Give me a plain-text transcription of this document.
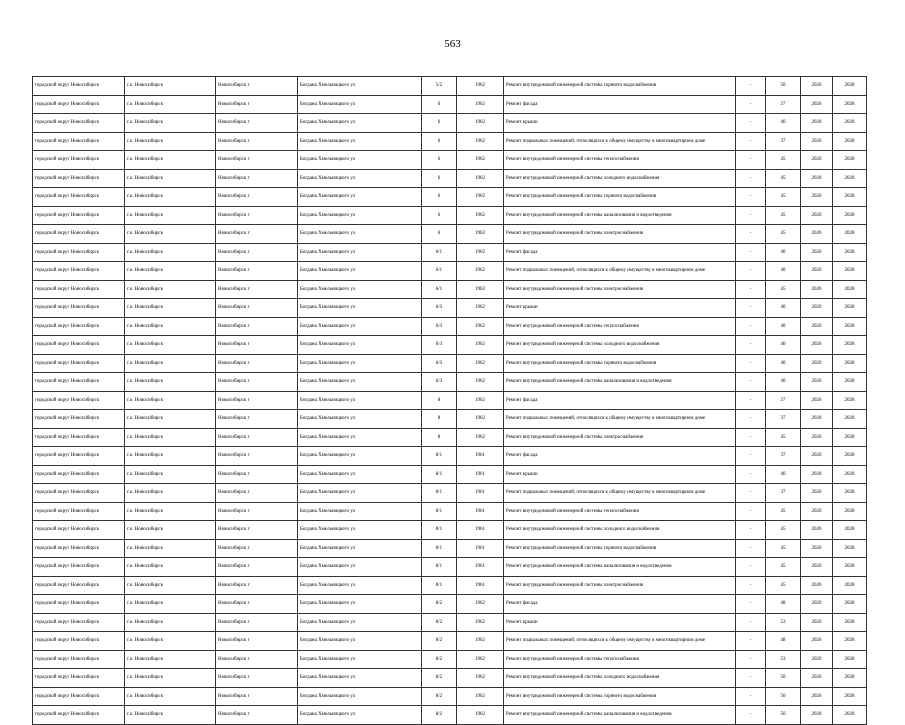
563
городской округ Новосибирск	г.о. Новосибирск	Новосибирск г	Богдана Хмельницкого ул	5/2	1962	Ремонт внутридомовой инженерной системы горячего водоснабжения	-	50	2026	2028
городской округ Новосибирск	г.о. Новосибирск	Новосибирск г	Богдана Хмельницкого ул	6	1962	Ремонт фасада	-	37	2026	2028
городской округ Новосибирск	г.о. Новосибирск	Новосибирск г	Богдана Хмельницкого ул	6	1962	Ремонт крыши	-	40	2026	2028
городской округ Новосибирск	г.о. Новосибирск	Новосибирск г	Богдана Хмельницкого ул	6	1962	Ремонт подвальных помещений, относящихся к общему имуществу в многоквартирном доме	-	37	2026	2028
городской округ Новосибирск	г.о. Новосибирск	Новосибирск г	Богдана Хмельницкого ул	6	1962	Ремонт внутридомовой инженерной системы теплоснабжения	-	45	2026	2028
городской округ Новосибирск	г.о. Новосибирск	Новосибирск г	Богдана Хмельницкого ул	6	1962	Ремонт внутридомовой инженерной системы холодного водоснабжения	-	45	2026	2028
городской округ Новосибирск	г.о. Новосибирск	Новосибирск г	Богдана Хмельницкого ул	6	1962	Ремонт внутридомовой инженерной системы горячего водоснабжения	-	45	2026	2028
городской округ Новосибирск	г.о. Новосибирск	Новосибирск г	Богдана Хмельницкого ул	6	1962	Ремонт внутридомовой инженерной системы канализования и водоотведения	-	45	2026	2028
городской округ Новосибирск	г.о. Новосибирск	Новосибирск г	Богдана Хмельницкого ул	6	1962	Ремонт внутридомовой инженерной системы электроснабжения	-	45	2026	2028
городской округ Новосибирск	г.о. Новосибирск	Новосибирск г	Богдана Хмельницкого ул	6/1	1962	Ремонт фасада	-	40	2026	2028
городской округ Новосибирск	г.о. Новосибирск	Новосибирск г	Богдана Хмельницкого ул	6/1	1962	Ремонт подвальных помещений, относящихся к общему имуществу в многоквартирном доме	-	40	2026	2028
городской округ Новосибирск	г.о. Новосибирск	Новосибирск г	Богдана Хмельницкого ул	6/1	1962	Ремонт внутридомовой инженерной системы электроснабжения	-	45	2026	2028
городской округ Новосибирск	г.о. Новосибирск	Новосибирск г	Богдана Хмельницкого ул	6/3	1962	Ремонт крыши	-	40	2026	2028
городской округ Новосибирск	г.о. Новосибирск	Новосибирск г	Богдана Хмельницкого ул	6/3	1962	Ремонт внутридомовой инженерной системы теплоснабжения	-	40	2026	2028
городской округ Новосибирск	г.о. Новосибирск	Новосибирск г	Богдана Хмельницкого ул	6/3	1962	Ремонт внутридомовой инженерной системы холодного водоснабжения	-	40	2026	2028
городской округ Новосибирск	г.о. Новосибирск	Новосибирск г	Богдана Хмельницкого ул	6/3	1962	Ремонт внутридомовой инженерной системы горячего водоснабжения	-	40	2026	2028
городской округ Новосибирск	г.о. Новосибирск	Новосибирск г	Богдана Хмельницкого ул	6/3	1962	Ремонт внутридомовой инженерной системы канализования и водоотведения	-	40	2026	2028
городской округ Новосибирск	г.о. Новосибирск	Новосибирск г	Богдана Хмельницкого ул	8	1962	Ремонт фасада	-	37	2026	2028
городской округ Новосибирск	г.о. Новосибирск	Новосибирск г	Богдана Хмельницкого ул	8	1962	Ремонт подвальных помещений, относящихся к общему имуществу в многоквартирном доме	-	37	2026	2028
городской округ Новосибирск	г.о. Новосибирск	Новосибирск г	Богдана Хмельницкого ул	8	1962	Ремонт внутридомовой инженерной системы электроснабжения	-	45	2026	2028
городской округ Новосибирск	г.о. Новосибирск	Новосибирск г	Богдана Хмельницкого ул	8/1	1961	Ремонт фасада	-	37	2026	2028
городской округ Новосибирск	г.о. Новосибирск	Новосибирск г	Богдана Хмельницкого ул	8/1	1961	Ремонт крыши	-	40	2026	2028
городской округ Новосибирск	г.о. Новосибирск	Новосибирск г	Богдана Хмельницкого ул	8/1	1961	Ремонт подвальных помещений, относящихся к общему имуществу в многоквартирном доме	-	37	2026	2028
городской округ Новосибирск	г.о. Новосибирск	Новосибирск г	Богдана Хмельницкого ул	8/1	1961	Ремонт внутридомовой инженерной системы теплоснабжения	-	45	2026	2028
городской округ Новосибирск	г.о. Новосибирск	Новосибирск г	Богдана Хмельницкого ул	8/1	1961	Ремонт внутридомовой инженерной системы холодного водоснабжения	-	45	2026	2028
городской округ Новосибирск	г.о. Новосибирск	Новосибирск г	Богдана Хмельницкого ул	8/1	1961	Ремонт внутридомовой инженерной системы горячего водоснабжения	-	45	2026	2028
городской округ Новосибирск	г.о. Новосибирск	Новосибирск г	Богдана Хмельницкого ул	8/1	1961	Ремонт внутридомовой инженерной системы канализования и водоотведения	-	45	2026	2028
городской округ Новосибирск	г.о. Новосибирск	Новосибирск г	Богдана Хмельницкого ул	8/1	1961	Ремонт внутридомовой инженерной системы электроснабжения	-	45	2026	2028
городской округ Новосибирск	г.о. Новосибирск	Новосибирск г	Богдана Хмельницкого ул	8/2	1962	Ремонт фасада	-	48	2026	2028
городской округ Новосибирск	г.о. Новосибирск	Новосибирск г	Богдана Хмельницкого ул	8/2	1962	Ремонт крыши	-	53	2026	2028
городской округ Новосибирск	г.о. Новосибирск	Новосибирск г	Богдана Хмельницкого ул	8/2	1962	Ремонт подвальных помещений, относящихся к общему имуществу в многоквартирном доме	-	48	2026	2028
городской округ Новосибирск	г.о. Новосибирск	Новосибирск г	Богдана Хмельницкого ул	8/2	1962	Ремонт внутридомовой инженерной системы теплоснабжения	-	53	2026	2028
городской округ Новосибирск	г.о. Новосибирск	Новосибирск г	Богдана Хмельницкого ул	8/2	1962	Ремонт внутридомовой инженерной системы холодного водоснабжения	-	50	2026	2028
городской округ Новосибирск	г.о. Новосибирск	Новосибирск г	Богдана Хмельницкого ул	8/2	1962	Ремонт внутридомовой инженерной системы горячего водоснабжения	-	50	2026	2028
городской округ Новосибирск	г.о. Новосибирск	Новосибирск г	Богдана Хмельницкого ул	8/2	1962	Ремонт внутридомовой инженерной системы канализования и водоотведения	-	50	2026	2028
